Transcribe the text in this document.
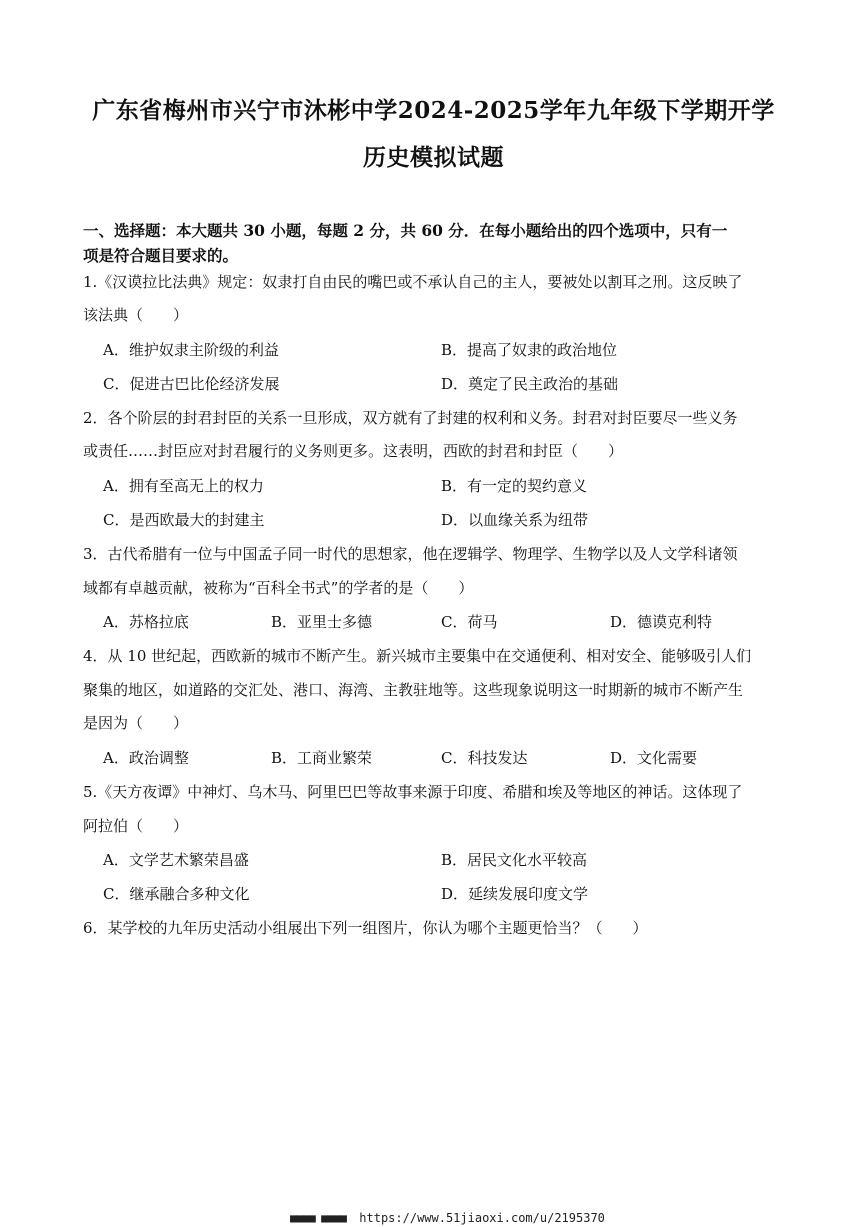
广东省梅州市兴宁市沐彬中学2024-2025学年九年级下学期开学
历史模拟试题
一、选择题：本大题共 30 小题，每题 2 分，共 60 分．在每小题给出的四个选项中，只有一
项是符合题目要求的。
1.《汉谟拉比法典》规定：奴隶打自由民的嘴巴或不承认自己的主人，要被处以割耳之刑。这反映了
该法典（　　）
A．维护奴隶主阶级的利益	B．提高了奴隶的政治地位
C．促进古巴比伦经济发展	D．奠定了民主政治的基础
2．各个阶层的封君封臣的关系一旦形成，双方就有了封建的权利和义务。封君对封臣要尽一些义务
或责任……封臣应对封君履行的义务则更多。这表明，西欧的封君和封臣（　　）
A．拥有至高无上的权力	B．有一定的契约意义
C．是西欧最大的封建主	D．以血缘关系为纽带
3．古代希腊有一位与中国孟子同一时代的思想家，他在逻辑学、物理学、生物学以及人文学科诸领
域都有卓越贡献，被称为“百科全书式”的学者的是（　　）
A．苏格拉底	B．亚里士多德	C．荷马	D．德谟克利特
4．从 10 世纪起，西欧新的城市不断产生。新兴城市主要集中在交通便利、相对安全、能够吸引人们
聚集的地区，如道路的交汇处、港口、海湾、主教驻地等。这些现象说明这一时期新的城市不断产生
是因为（　　）
A．政治调整	B．工商业繁荣	C．科技发达	D．文化需要
5.《天方夜谭》中神灯、乌木马、阿里巴巴等故事来源于印度、希腊和埃及等地区的神话。这体现了
阿拉伯（　　）
A．文学艺术繁荣昌盛	B．居民文化水平较高
C．继承融合多种文化	D．延续发展印度文学
6．某学校的九年历史活动小组展出下列一组图片，你认为哪个主题更恰当？（　　）
■■■■ ■■■■ https://www.51jiaoxi.com/u/2195370
